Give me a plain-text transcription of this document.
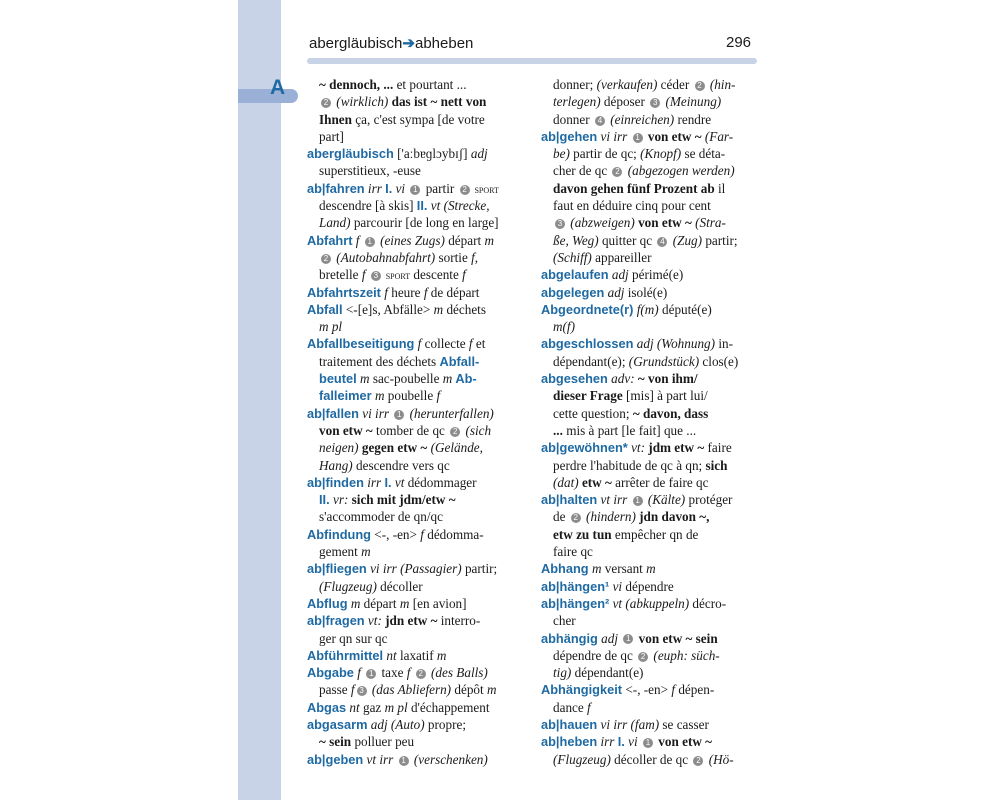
A
abergläubisch➔abheben	296
~ dennoch, ... et pourtant ...
2 (wirklich) das ist ~ nett von
Ihnen ça, c'est sympa [de votre
part]
abergläubisch ['aːbɐɡlɔybɪʃ] adj
superstitieux, -euse
ab|fahren irr I. vi 1 partir 2 sport
descendre [à skis] II. vt (Strecke,
Land) parcourir [de long en large]
Abfahrt f 1 (eines Zugs) départ m
2 (Autobahnabfahrt) sortie f,
bretelle f 3 sport descente f
Abfahrtszeit f heure f de départ
Abfall <-[e]s, Abfälle> m déchets
m pl
Abfallbeseitigung f collecte f et
traitement des déchets Abfall-
beutel m sac-poubelle m Ab-
falleimer m poubelle f
ab|fallen vi irr 1 (herunterfallen)
von etw ~ tomber de qc 2 (sich
neigen) gegen etw ~ (Gelände,
Hang) descendre vers qc
ab|finden irr I. vt dédommager
II. vr: sich mit jdm/etw ~
s'accommoder de qn/qc
Abfindung <-, -en> f dédomma-
gement m
ab|fliegen vi irr (Passagier) partir;
(Flugzeug) décoller
Abflug m départ m [en avion]
ab|fragen vt: jdn etw ~ interro-
ger qn sur qc
Abführmittel nt laxatif m
Abgabe f 1 taxe f 2 (des Balls)
passe f 3 (das Abliefern) dépôt m
Abgas nt gaz m pl d'échappement
abgasarm adj (Auto) propre;
~ sein polluer peu
ab|geben vt irr 1 (verschenken)
donner; (verkaufen) céder 2 (hin-
terlegen) déposer 3 (Meinung)
donner 4 (einreichen) rendre
ab|gehen vi irr 1 von etw ~ (Far-
be) partir de qc; (Knopf) se déta-
cher de qc 2 (abgezogen werden)
davon gehen fünf Prozent ab il
faut en déduire cinq pour cent
3 (abzweigen) von etw ~ (Stra-
ße, Weg) quitter qc 4 (Zug) partir;
(Schiff) appareiller
abgelaufen adj périmé(e)
abgelegen adj isolé(e)
Abgeordnete(r) f(m) député(e)
m(f)
abgeschlossen adj (Wohnung) in-
dépendant(e); (Grundstück) clos(e)
abgesehen adv: ~ von ihm/
dieser Frage [mis] à part lui/
cette question; ~ davon, dass
... mis à part [le fait] que ...
ab|gewöhnen* vt: jdm etw ~ faire
perdre l'habitude de qc à qn; sich
(dat) etw ~ arrêter de faire qc
ab|halten vt irr 1 (Kälte) protéger
de 2 (hindern) jdn davon ~,
etw zu tun empêcher qn de
faire qc
Abhang m versant m
ab|hängen¹ vi dépendre
ab|hängen² vt (abkuppeln) décro-
cher
abhängig adj 1 von etw ~ sein
dépendre de qc 2 (euph: süch-
tig) dépendant(e)
Abhängigkeit <-, -en> f dépen-
dance f
ab|hauen vi irr (fam) se casser
ab|heben irr I. vi 1 von etw ~
(Flugzeug) décoller de qc 2 (Hö-
